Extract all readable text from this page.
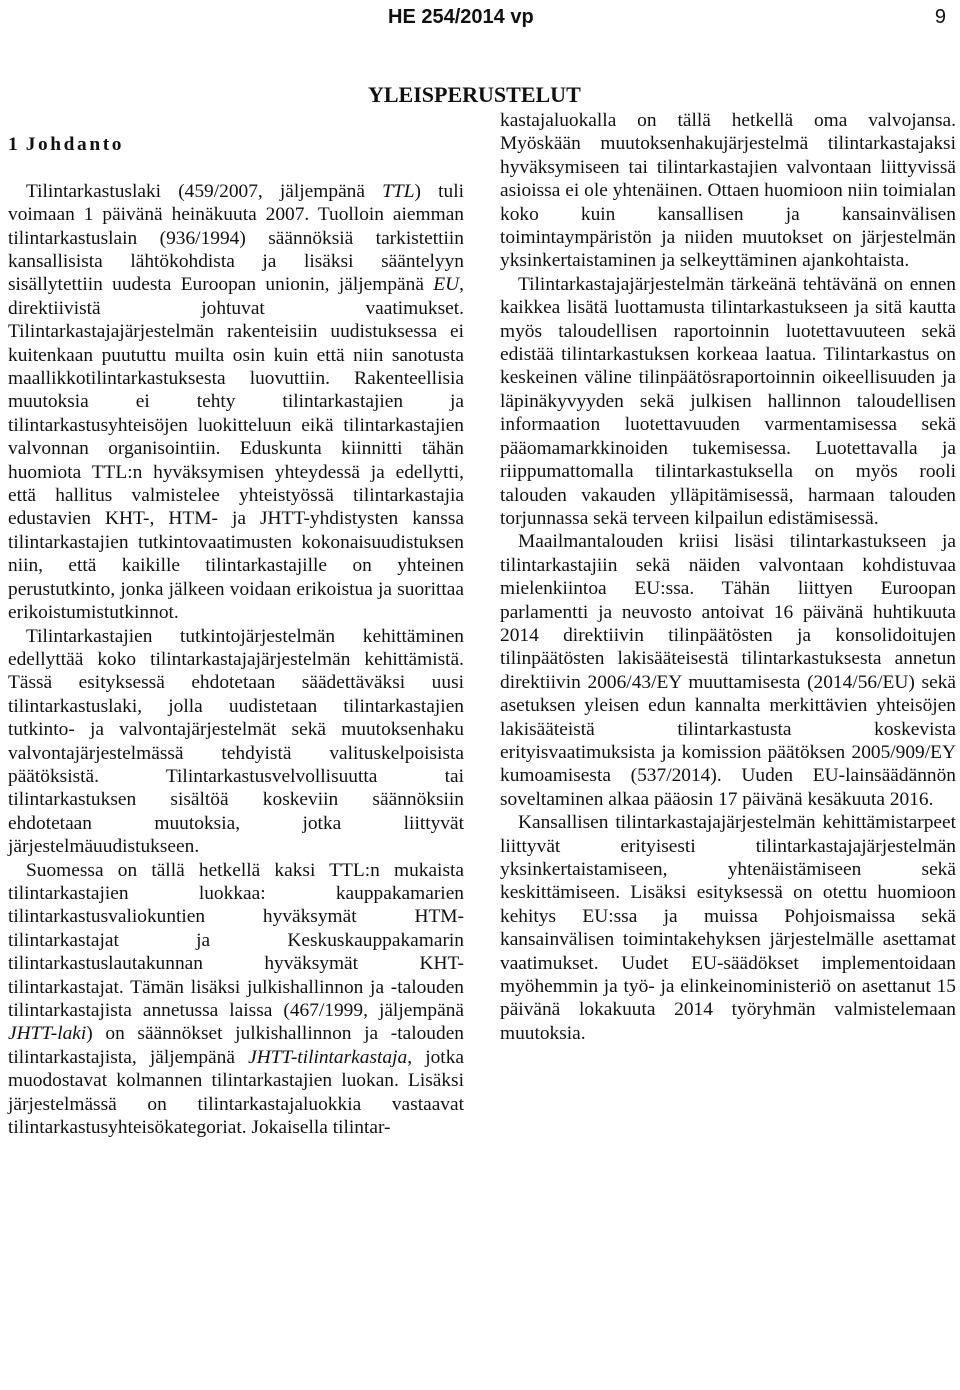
HE 254/2014 vp	9
YLEISPERUSTELUT
1 Johdanto

Tilintarkastuslaki (459/2007, jäljempänä TTL) tuli voimaan 1 päivänä heinäkuuta 2007. Tuolloin aiemman tilintarkastuslain (936/1994) säännöksiä tarkistettiin kansallisista lähtökohdista ja lisäksi sääntelyyn sisällytettiin uudesta Euroopan unionin, jäljempänä EU, direktiivistä johtuvat vaatimukset. Tilintarkastajajärjestelmän rakenteisiin uudistuksessa ei kuitenkaan puututtu muilta osin kuin että niin sanotusta maallikkotilintarkastuksesta luovuttiin. Rakenteellisia muutoksia ei tehty tilintarkastajien ja tilintarkastusyhteisöjen luokitteluun eikä tilintarkastajien valvonnan organisointiin. Eduskunta kiinnitti tähän huomiota TTL:n hyväksymisen yhteydessä ja edellytti, että hallitus valmistelee yhteistyössä tilintarkastajia edustavien KHT-, HTM- ja JHTT-yhdistysten kanssa tilintarkastajien tutkintovaatimusten kokonaisuudistuksen niin, että kaikille tilintarkastajille on yhteinen perustutkinto, jonka jälkeen voidaan erikoistua ja suorittaa erikoistumistutkinnot.

Tilintarkastajien tutkintojärjestelmän kehittäminen edellyttää koko tilintarkastajajärjestelmän kehittämistä. Tässä esityksessä ehdotetaan säädettäväksi uusi tilintarkastuslaki, jolla uudistetaan tilintarkastajien tutkinto- ja valvontajärjestelmät sekä muutoksenhaku valvontajärjestelmässä tehdyistä valituskelpoisista päätöksistä. Tilintarkastusvelvollisuutta tai tilintarkastuksen sisältöä koskeviin säännöksiin ehdotetaan muutoksia, jotka liittyvät järjestelmäuudistukseen.

Suomessa on tällä hetkellä kaksi TTL:n mukaista tilintarkastajien luokkaa: kauppakamarien tilintarkastusvaliokuntien hyväksymät HTM-tilintarkastajat ja Keskuskauppakamarin tilintarkastuslautakunnan hyväksymät KHT-tilintarkastajat. Tämän lisäksi julkishallinnon ja -talouden tilintarkastajista annetussa laissa (467/1999, jäljempänä JHTT-laki) on säännökset julkishallinnon ja -talouden tilintarkastajista, jäljempänä JHTT-tilintarkastaja, jotka muodostavat kolmannen tilintarkastajien luokan. Lisäksi järjestelmässä on tilintarkastajaluokkia vastaavat tilintarkastusyhteisökategoriat. Jokaisella tilintar-

kastajaluokalla on tällä hetkellä oma valvojansa. Myöskään muutoksenhakujärjestelmä tilintarkastajaksi hyväksymiseen tai tilintarkastajien valvontaan liittyvissä asioissa ei ole yhtenäinen. Ottaen huomioon niin toimialan koko kuin kansallisen ja kansainvälisen toimintaympäristön ja niiden muutokset on järjestelmän yksinkertaistaminen ja selkeyttäminen ajankohtaista.

Tilintarkastajajärjestelmän tärkeänä tehtävänä on ennen kaikkea lisätä luottamusta tilintarkastukseen ja sitä kautta myös taloudellisen raportoinnin luotettavuuteen sekä edistää tilintarkastuksen korkeaa laatua. Tilintarkastus on keskeinen väline tilinpäätösraportoinnin oikeellisuuden ja läpinäkyvyyden sekä julkisen hallinnon taloudellisen informaation luotettavuuden varmentamisessa sekä pääomamarkkinoiden tukemisessa. Luotettavalla ja riippumattomalla tilintarkastuksella on myös rooli talouden vakauden ylläpitämisessä, harmaan talouden torjunnassa sekä terveen kilpailun edistämisessä.

Maailmantalouden kriisi lisäsi tilintarkastukseen ja tilintarkastajiin sekä näiden valvontaan kohdistuvaa mielenkiintoa EU:ssa. Tähän liittyen Euroopan parlamentti ja neuvosto antoivat 16 päivänä huhtikuuta 2014 direktiivin tilinpäätösten ja konsolidoitujen tilinpäätösten lakisääteisestä tilintarkastuksesta annetun direktiivin 2006/43/EY muuttamisesta (2014/56/EU) sekä asetuksen yleisen edun kannalta merkittävien yhteisöjen lakisääteistä tilintarkastusta koskevista erityisvaatimuksista ja komission päätöksen 2005/909/EY kumoamisesta (537/2014). Uuden EU-lainsäädännön soveltaminen alkaa pääosin 17 päivänä kesäkuuta 2016.

Kansallisen tilintarkastajajärjestelmän kehittämistarpeet liittyvät erityisesti tilintarkastajajärjestelmän yksinkertaistamiseen, yhtenäistämiseen sekä keskittämiseen. Lisäksi esityksessä on otettu huomioon kehitys EU:ssa ja muissa Pohjoismaissa sekä kansainvälisen toimintakehyksen järjestelmälle asettamat vaatimukset. Uudet EU-säädökset implementoidaan myöhemmin ja työ- ja elinkeinoministeriö on asettanut 15 päivänä lokakuuta 2014 työryhmän valmistelemaan muutoksia.
